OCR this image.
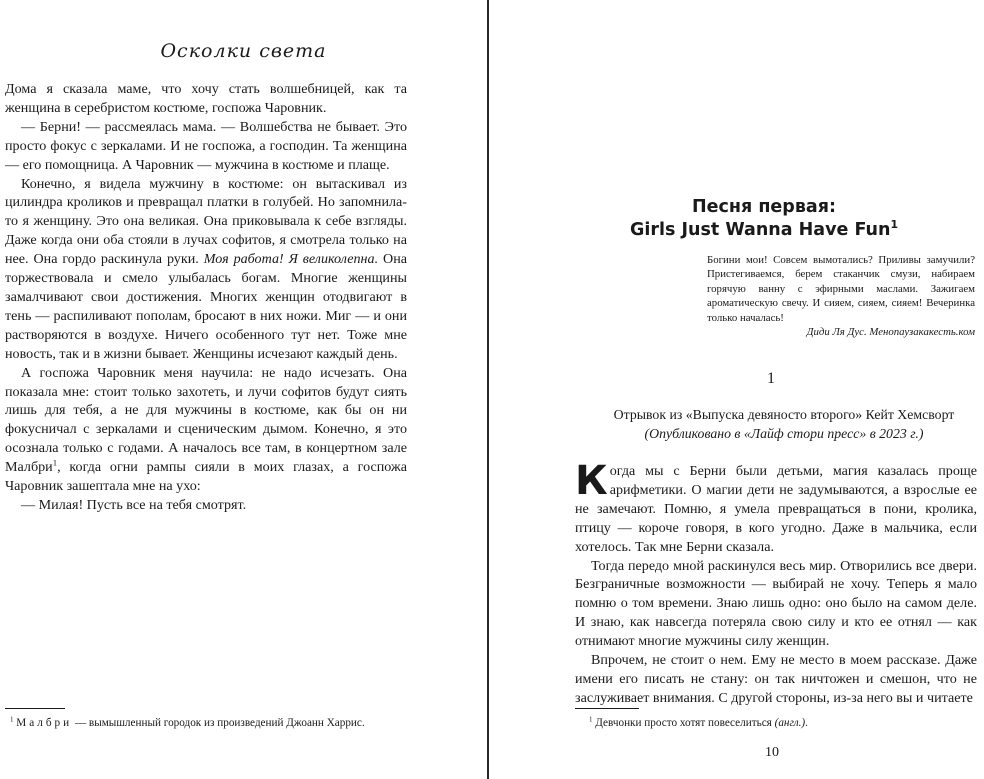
Осколки света

Дома я сказала маме, что хочу стать волшебницей, как та женщина в серебристом костюме, госпожа Чаровник.

— Берни! — рассмеялась мама. — Волшебства не бывает. Это просто фокус с зеркалами. И не госпожа, а господин. Та женщина — его помощница. А Чаровник — мужчина в костюме и плаще.

Конечно, я видела мужчину в костюме: он вытаскивал из цилиндра кроликов и превращал платки в голубей. Но запомнила-то я женщину. Это она великая. Она приковывала к себе взгляды. Даже когда они оба стояли в лучах софитов, я смотрела только на нее. Она гордо раскинула руки. Моя работа! Я великолепна. Она торжествовала и смело улыбалась богам. Многие женщины замалчивают свои достижения. Многих женщин отодвигают в тень — распиливают пополам, бросают в них ножи. Миг — и они растворяются в воздухе. Ничего особенного тут нет. Тоже мне новость, так и в жизни бывает. Женщины исчезают каждый день.

А госпожа Чаровник меня научила: не надо исчезать. Она показала мне: стоит только захотеть, и лучи софитов будут сиять лишь для тебя, а не для мужчины в костюме, как бы он ни фокусничал с зеркалами и сценическим дымом. Конечно, я это осознала только с годами. А началось все там, в концертном зале Малбри$^1$, когда огни рампы сияли в моих глазах, а госпожа Чаровник зашептала мне на ухо:

— Милая! Пусть все на тебя смотрят.

$^1$ Малбри — вымышленный городок из произведений Джоанн Харрис.
Песня первая:
Girls Just Wanna Have Fun$^1$
Богини мои! Совсем вымотались? Приливы замучили? Пристегиваемся, берем стаканчик смузи, набираем горячую ванну с эфирными маслами. Зажигаем ароматическую свечу. И сияем, сияем, сияем! Вечеринка только началась!
Диди Ля Дус. Менопаузакакесть.ком
1
Отрывок из «Выпуска девяносто второго» Кейт Хемсворт
(Опубликовано в «Лайф стори пресс» в 2023 г.)

Когда мы с Берни были детьми, магия казалась проще арифметики. О магии дети не задумываются, а взрослые ее не замечают. Помню, я умела превращаться в пони, кролика, птицу — короче говоря, в кого угодно. Даже в мальчика, если хотелось. Так мне Берни сказала.

Тогда передо мной раскинулся весь мир. Отворились все двери. Безграничные возможности — выбирай не хочу. Теперь я мало помню о том времени. Знаю лишь одно: оно было на самом деле. И знаю, как навсегда потеряла свою силу и кто ее отнял — как отнимают многие мужчины силу женщин.

Впрочем, не стоит о нем. Ему не место в моем рассказе. Даже имени его писать не стану: он так ничтожен и смешон, что не заслуживает внимания. С другой стороны, из-за него вы и читаете

$^1$ Девчонки просто хотят повеселиться (англ.).
10
